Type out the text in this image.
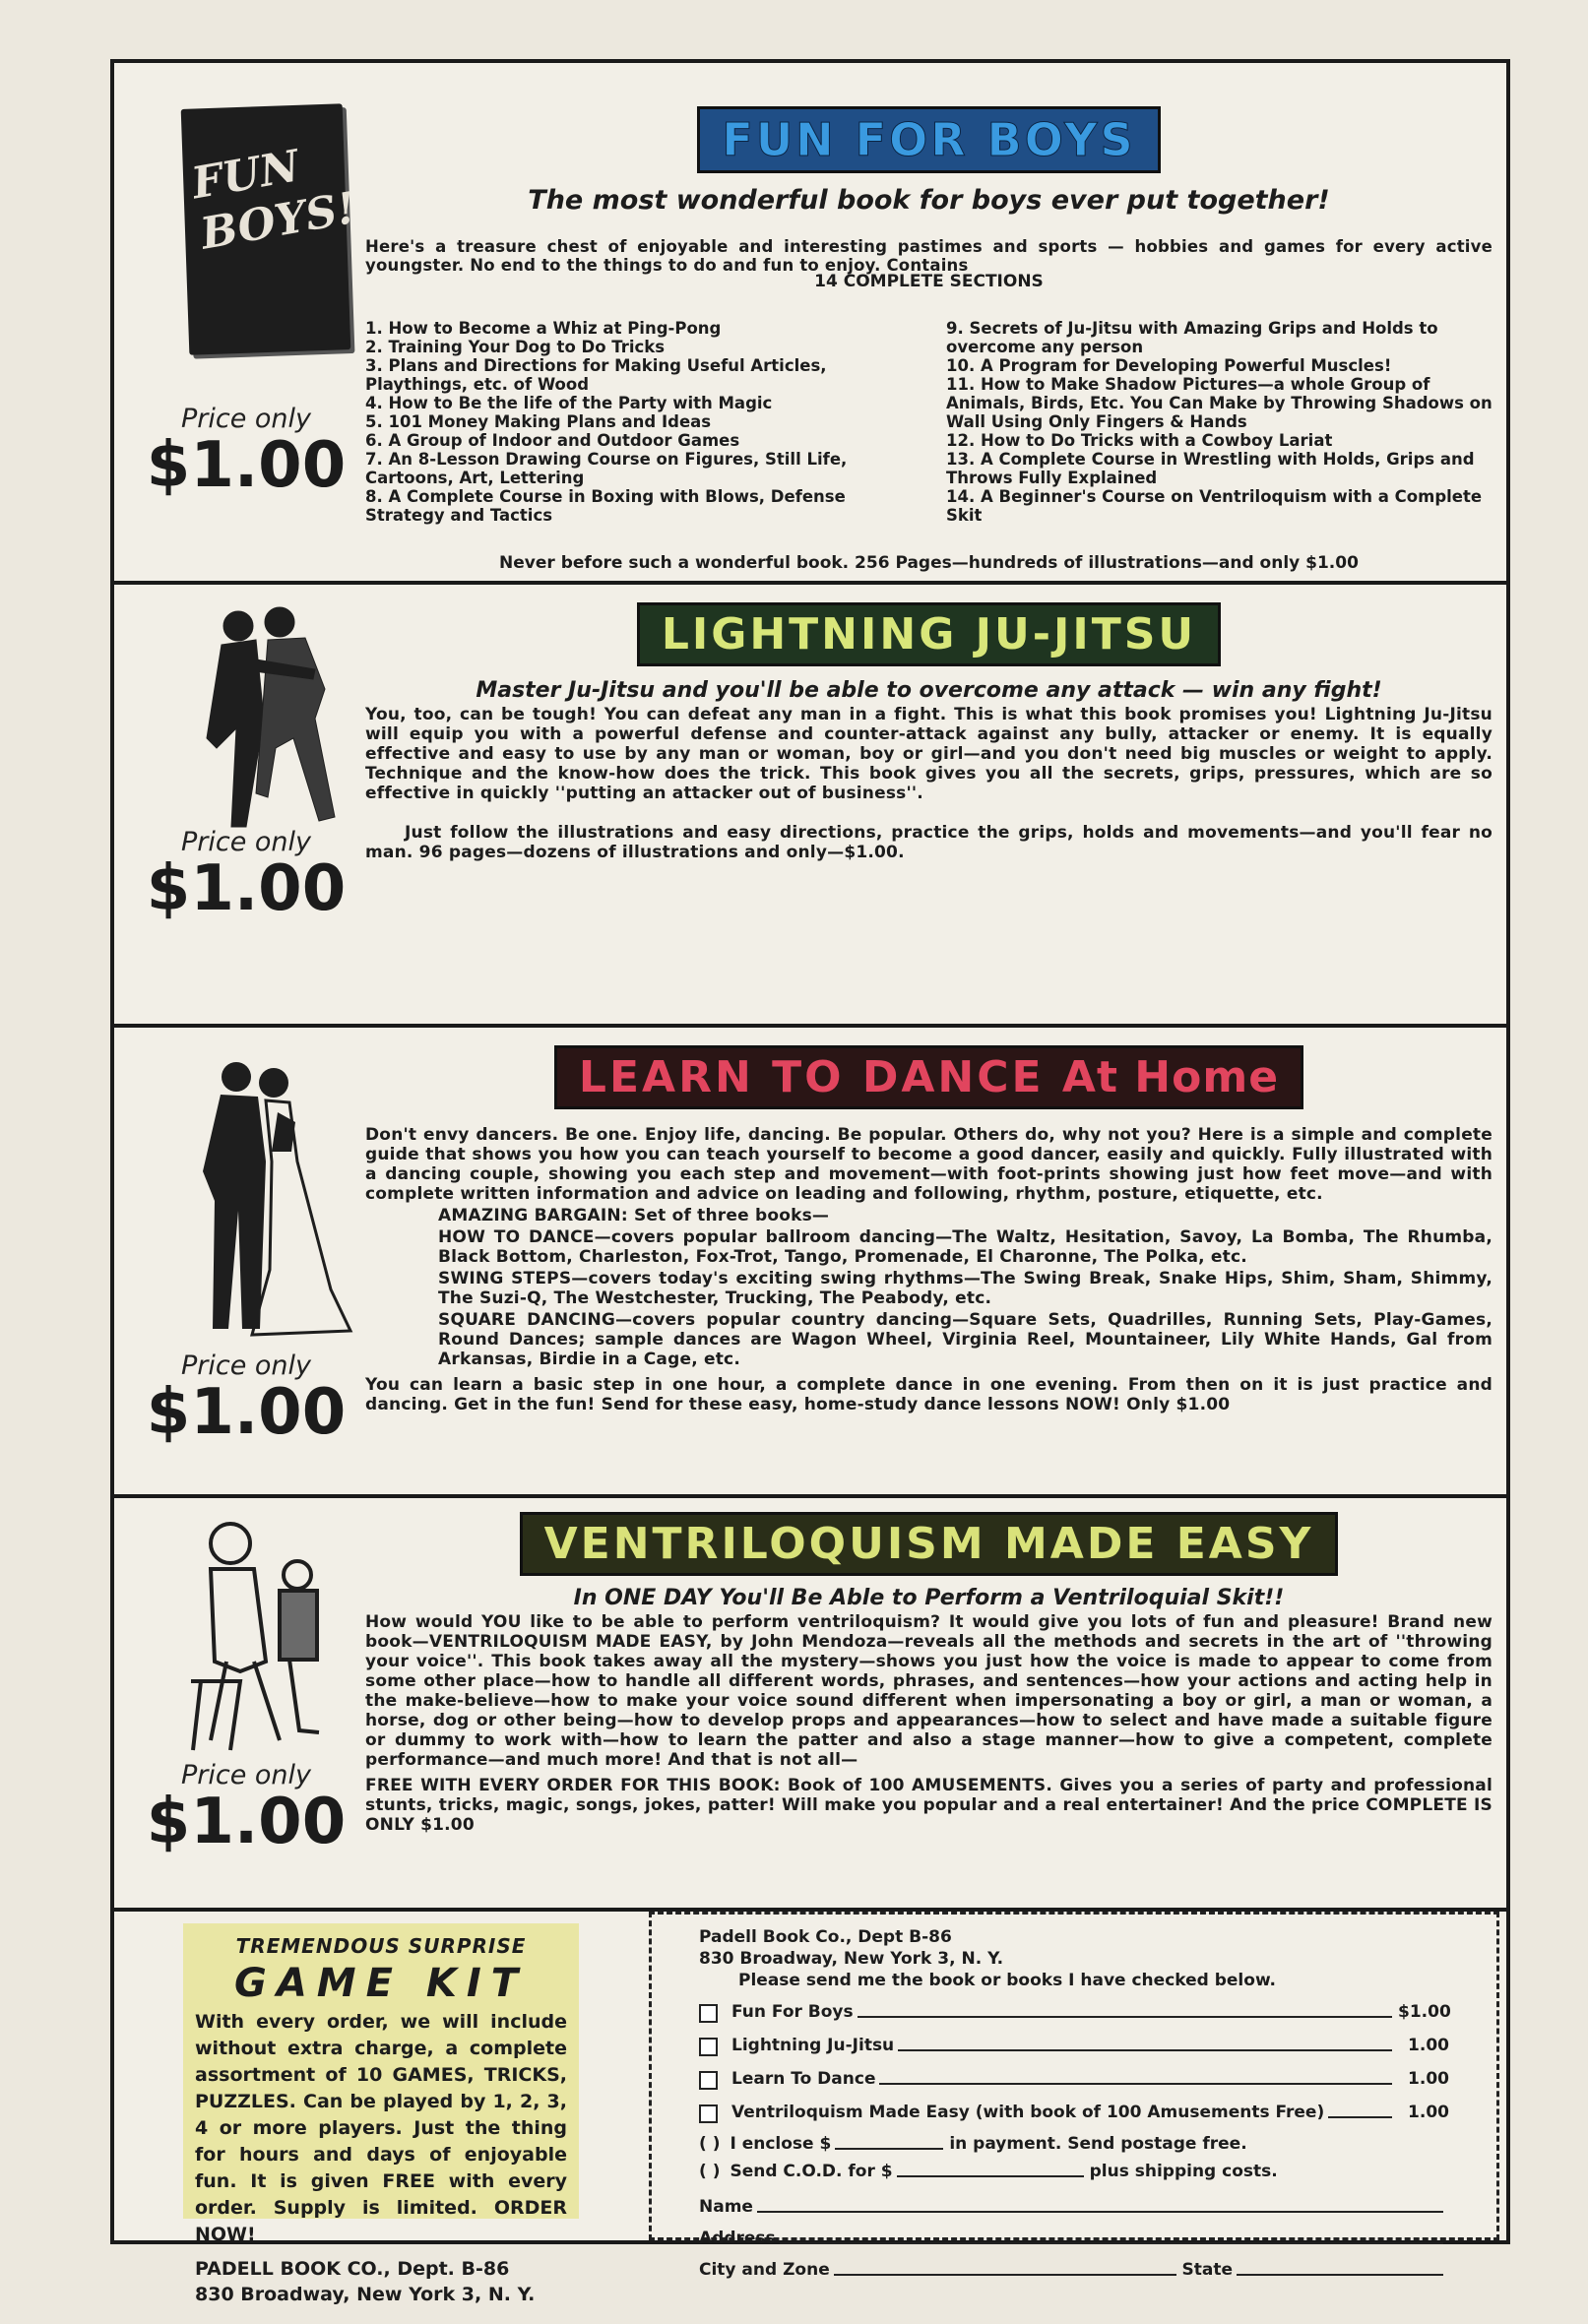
FUN BOYS!
Price only
$1.00
FUN FOR BOYS
The most wonderful book for boys ever put together!
Here's a treasure chest of enjoyable and interesting pastimes and sports — hobbies and games for every active youngster. No end to the things to do and fun to enjoy. Contains
14 COMPLETE SECTIONS
1. How to Become a Whiz at Ping-Pong
2. Training Your Dog to Do Tricks
3. Plans and Directions for Making Useful Articles, Playthings, etc. of Wood
4. How to Be the life of the Party with Magic
5. 101 Money Making Plans and Ideas
6. A Group of Indoor and Outdoor Games
7. An 8-Lesson Drawing Course on Figures, Still Life, Cartoons, Art, Lettering
8. A Complete Course in Boxing with Blows, Defense Strategy and Tactics
9. Secrets of Ju-Jitsu with Amazing Grips and Holds to overcome any person
10. A Program for Developing Powerful Muscles!
11. How to Make Shadow Pictures—a whole Group of Animals, Birds, Etc. You Can Make by Throwing Shadows on Wall Using Only Fingers & Hands
12. How to Do Tricks with a Cowboy Lariat
13. A Complete Course in Wrestling with Holds, Grips and Throws Fully Explained
14. A Beginner's Course on Ventriloquism with a Complete Skit
Never before such a wonderful book. 256 Pages—hundreds of illustrations—and only $1.00
Price only
$1.00
LIGHTNING JU-JITSU
Master Ju-Jitsu and you'll be able to overcome any attack — win any fight!
You, too, can be tough! You can defeat any man in a fight. This is what this book promises you! Lightning Ju-Jitsu will equip you with a powerful defense and counter-attack against any bully, attacker or enemy. It is equally effective and easy to use by any man or woman, boy or girl—and you don't need big muscles or weight to apply. Technique and the know-how does the trick. This book gives you all the secrets, grips, pressures, which are so effective in quickly ''putting an attacker out of business''.
Just follow the illustrations and easy directions, practice the grips, holds and movements—and you'll fear no man. 96 pages—dozens of illustrations and only—$1.00.
Price only
$1.00
LEARN TO DANCE At Home
Don't envy dancers. Be one. Enjoy life, dancing. Be popular. Others do, why not you? Here is a simple and complete guide that shows you how you can teach yourself to become a good dancer, easily and quickly. Fully illustrated with a dancing couple, showing you each step and movement—with foot-prints showing just how feet move—and with complete written information and advice on leading and following, rhythm, posture, etiquette, etc.
AMAZING BARGAIN: Set of three books—
HOW TO DANCE—covers popular ballroom dancing—The Waltz, Hesitation, Savoy, La Bomba, The Rhumba, Black Bottom, Charleston, Fox-Trot, Tango, Promenade, El Charonne, The Polka, etc.
SWING STEPS—covers today's exciting swing rhythms—The Swing Break, Snake Hips, Shim, Sham, Shimmy, The Suzi-Q, The Westchester, Trucking, The Peabody, etc.
SQUARE DANCING—covers popular country dancing—Square Sets, Quadrilles, Running Sets, Play-Games, Round Dances; sample dances are Wagon Wheel, Virginia Reel, Mountaineer, Lily White Hands, Gal from Arkansas, Birdie in a Cage, etc.
You can learn a basic step in one hour, a complete dance in one evening. From then on it is just practice and dancing. Get in the fun! Send for these easy, home-study dance lessons NOW! Only $1.00
Price only
$1.00
VENTRILOQUISM MADE EASY
In ONE DAY You'll Be Able to Perform a Ventriloquial Skit!!
How would YOU like to be able to perform ventriloquism? It would give you lots of fun and pleasure! Brand new book—VENTRILOQUISM MADE EASY, by John Mendoza—reveals all the methods and secrets in the art of ''throwing your voice''. This book takes away all the mystery—shows you just how the voice is made to appear to come from some other place—how to handle all different words, phrases, and sentences—how your actions and acting help in the make-believe—how to make your voice sound different when impersonating a boy or girl, a man or woman, a horse, dog or other being—how to develop props and appearances—how to select and have made a suitable figure or dummy to work with—how to learn the patter and also a stage manner—how to give a competent, complete performance—and much more! And that is not all—
FREE WITH EVERY ORDER FOR THIS BOOK: Book of 100 AMUSEMENTS. Gives you a series of party and professional stunts, tricks, magic, songs, jokes, patter! Will make you popular and a real entertainer! And the price COMPLETE IS ONLY $1.00
TREMENDOUS SURPRISE
GAME KIT
With every order, we will include without extra charge, a complete assortment of 10 GAMES, TRICKS, PUZZLES. Can be played by 1, 2, 3, 4 or more players. Just the thing for hours and days of enjoyable fun. It is given FREE with every order. Supply is limited. ORDER NOW!
PADELL BOOK CO., Dept. B-86
830 Broadway, New York 3, N. Y.
Padell Book Co., Dept B-86
830 Broadway, New York 3, N. Y.
Please send me the book or books I have checked below.
Fun For Boys	$1.00
Lightning Ju-Jitsu	1.00
Learn To Dance	1.00
Ventriloquism Made Easy (with book of 100 Amusements Free)	1.00
( ) I enclose $	in payment. Send postage free.
( ) Send C.O.D. for $	plus shipping costs.
Name
Address
City and Zone	State
